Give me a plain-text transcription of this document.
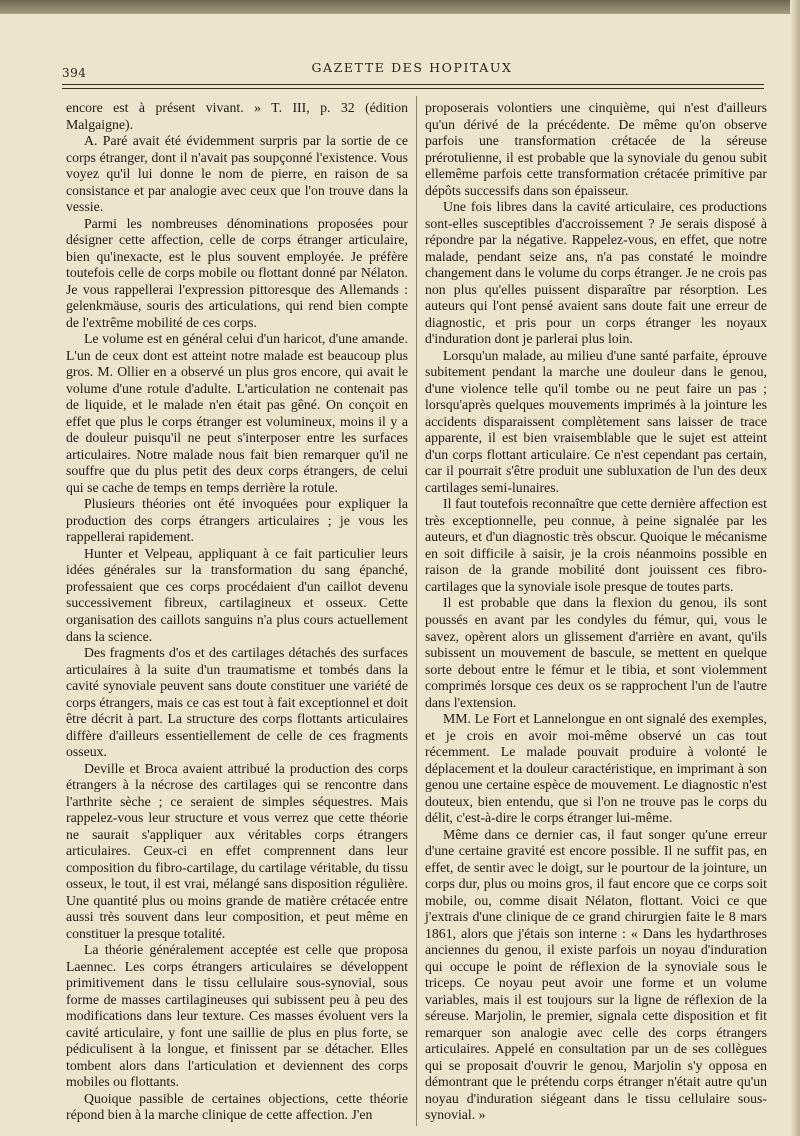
394	GAZETTE DES HOPITAUX

encore est à présent vivant. » T. III, p. 32 (édition Malgaigne).

A. Paré avait été évidemment surpris par la sortie de ce corps étranger, dont il n'avait pas soupçonné l'existence. Vous voyez qu'il lui donne le nom de pierre, en raison de sa consistance et par analogie avec ceux que l'on trouve dans la vessie.

Parmi les nombreuses dénominations proposées pour désigner cette affection, celle de corps étranger articulaire, bien qu'inexacte, est le plus souvent employée. Je préfère toutefois celle de corps mobile ou flottant donné par Nélaton. Je vous rappellerai l'expression pittoresque des Allemands : gelenkmäuse, souris des articulations, qui rend bien compte de l'extrême mobilité de ces corps.

Le volume est en général celui d'un haricot, d'une amande. L'un de ceux dont est atteint notre malade est beaucoup plus gros. M. Ollier en a observé un plus gros encore, qui avait le volume d'une rotule d'adulte. L'articulation ne contenait pas de liquide, et le malade n'en était pas gêné. On conçoit en effet que plus le corps étranger est volumineux, moins il y a de douleur puisqu'il ne peut s'interposer entre les surfaces articulaires. Notre malade nous fait bien remarquer qu'il ne souffre que du plus petit des deux corps étrangers, de celui qui se cache de temps en temps derrière la rotule.

Plusieurs théories ont été invoquées pour expliquer la production des corps étrangers articulaires ; je vous les rappellerai rapidement.

Hunter et Velpeau, appliquant à ce fait particulier leurs idées générales sur la transformation du sang épanché, professaient que ces corps procédaient d'un caillot devenu successivement fibreux, cartilagineux et osseux. Cette organisation des caillots sanguins n'a plus cours actuellement dans la science.

Des fragments d'os et des cartilages détachés des surfaces articulaires à la suite d'un traumatisme et tombés dans la cavité synoviale peuvent sans doute constituer une variété de corps étrangers, mais ce cas est tout à fait exceptionnel et doit être décrit à part. La structure des corps flottants articulaires diffère d'ailleurs essentiellement de celle de ces fragments osseux.

Deville et Broca avaient attribué la production des corps étrangers à la nécrose des cartilages qui se rencontre dans l'arthrite sèche ; ce seraient de simples séquestres. Mais rappelez-vous leur structure et vous verrez que cette théorie ne saurait s'appliquer aux véritables corps étrangers articulaires. Ceux-ci en effet comprennent dans leur composition du fibro-cartilage, du cartilage véritable, du tissu osseux, le tout, il est vrai, mélangé sans disposition régulière. Une quantité plus ou moins grande de matière crétacée entre aussi très souvent dans leur composition, et peut même en constituer la presque totalité.

La théorie généralement acceptée est celle que proposa Laennec. Les corps étrangers articulaires se développent primitivement dans le tissu cellulaire sous-synovial, sous forme de masses cartilagineuses qui subissent peu à peu des modifications dans leur texture. Ces masses évoluent vers la cavité articulaire, y font une saillie de plus en plus forte, se pédiculisent à la longue, et finissent par se détacher. Elles tombent alors dans l'articulation et deviennent des corps mobiles ou flottants.

Quoique passible de certaines objections, cette théorie répond bien à la marche clinique de cette affection. J'en

proposerais volontiers une cinquième, qui n'est d'ailleurs qu'un dérivé de la précédente. De même qu'on observe parfois une transformation crétacée de la séreuse prérotulienne, il est probable que la synoviale du genou subit ellemême parfois cette transformation crétacée primitive par dépôts successifs dans son épaisseur.

Une fois libres dans la cavité articulaire, ces productions sont-elles susceptibles d'accroissement ? Je serais disposé à répondre par la négative. Rappelez-vous, en effet, que notre malade, pendant seize ans, n'a pas constaté le moindre changement dans le volume du corps étranger. Je ne crois pas non plus qu'elles puissent disparaître par résorption. Les auteurs qui l'ont pensé avaient sans doute fait une erreur de diagnostic, et pris pour un corps étranger les noyaux d'induration dont je parlerai plus loin.

Lorsqu'un malade, au milieu d'une santé parfaite, éprouve subitement pendant la marche une douleur dans le genou, d'une violence telle qu'il tombe ou ne peut faire un pas ; lorsqu'après quelques mouvements imprimés à la jointure les accidents disparaissent complètement sans laisser de trace apparente, il est bien vraisemblable que le sujet est atteint d'un corps flottant articulaire. Ce n'est cependant pas certain, car il pourrait s'être produit une subluxation de l'un des deux cartilages semi-lunaires.

Il faut toutefois reconnaître que cette dernière affection est très exceptionnelle, peu connue, à peine signalée par les auteurs, et d'un diagnostic très obscur. Quoique le mécanisme en soit difficile à saisir, je la crois néanmoins possible en raison de la grande mobilité dont jouissent ces fibro-cartilages que la synoviale isole presque de toutes parts.

Il est probable que dans la flexion du genou, ils sont poussés en avant par les condyles du fémur, qui, vous le savez, opèrent alors un glissement d'arrière en avant, qu'ils subissent un mouvement de bascule, se mettent en quelque sorte debout entre le fémur et le tibia, et sont violemment comprimés lorsque ces deux os se rapprochent l'un de l'autre dans l'extension.

MM. Le Fort et Lannelongue en ont signalé des exemples, et je crois en avoir moi-même observé un cas tout récemment. Le malade pouvait produire à volonté le déplacement et la douleur caractéristique, en imprimant à son genou une certaine espèce de mouvement. Le diagnostic n'est douteux, bien entendu, que si l'on ne trouve pas le corps du délit, c'est-à-dire le corps étranger lui-même.

Même dans ce dernier cas, il faut songer qu'une erreur d'une certaine gravité est encore possible. Il ne suffit pas, en effet, de sentir avec le doigt, sur le pourtour de la jointure, un corps dur, plus ou moins gros, il faut encore que ce corps soit mobile, ou, comme disait Nélaton, flottant. Voici ce que j'extrais d'une clinique de ce grand chirurgien faite le 8 mars 1861, alors que j'étais son interne : « Dans les hydarthroses anciennes du genou, il existe parfois un noyau d'induration qui occupe le point de réflexion de la synoviale sous le triceps. Ce noyau peut avoir une forme et un volume variables, mais il est toujours sur la ligne de réflexion de la séreuse. Marjolin, le premier, signala cette disposition et fit remarquer son analogie avec celle des corps étrangers articulaires. Appelé en consultation par un de ses collègues qui se proposait d'ouvrir le genou, Marjolin s'y opposa en démontrant que le prétendu corps étranger n'était autre qu'un noyau d'induration siégeant dans le tissu cellulaire sous-synovial. »
